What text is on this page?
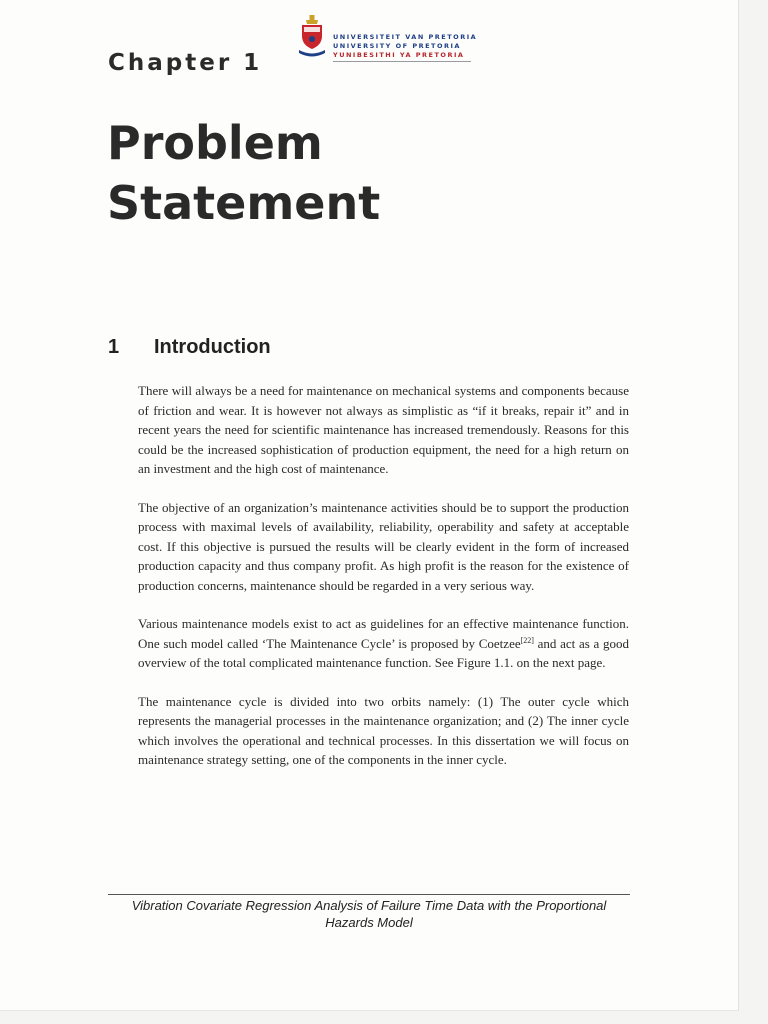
Chapter 1
UNIVERSITEIT VAN PRETORIA
UNIVERSITY OF PRETORIA
YUNIBESITHI YA PRETORIA
Problem
Statement
1 Introduction

There will always be a need for maintenance on mechanical systems and components because of friction and wear. It is however not always as simplistic as “if it breaks, repair it” and in recent years the need for scientific maintenance has increased tremendously. Reasons for this could be the increased sophistication of production equipment, the need for a high return on an investment and the high cost of maintenance.

The objective of an organization’s maintenance activities should be to support the production process with maximal levels of availability, reliability, operability and safety at acceptable cost. If this objective is pursued the results will be clearly evident in the form of increased production capacity and thus company profit. As high profit is the reason for the existence of production concerns, maintenance should be regarded in a very serious way.

Various maintenance models exist to act as guidelines for an effective maintenance function. One such model called ‘The Maintenance Cycle’ is proposed by Coetzee[22] and act as a good overview of the total complicated maintenance function. See Figure 1.1. on the next page.

The maintenance cycle is divided into two orbits namely: (1) The outer cycle which represents the managerial processes in the maintenance organization; and (2) The inner cycle which involves the operational and technical processes. In this dissertation we will focus on maintenance strategy setting, one of the components in the inner cycle.

Vibration Covariate Regression Analysis of Failure Time Data with the Proportional
Hazards Model
